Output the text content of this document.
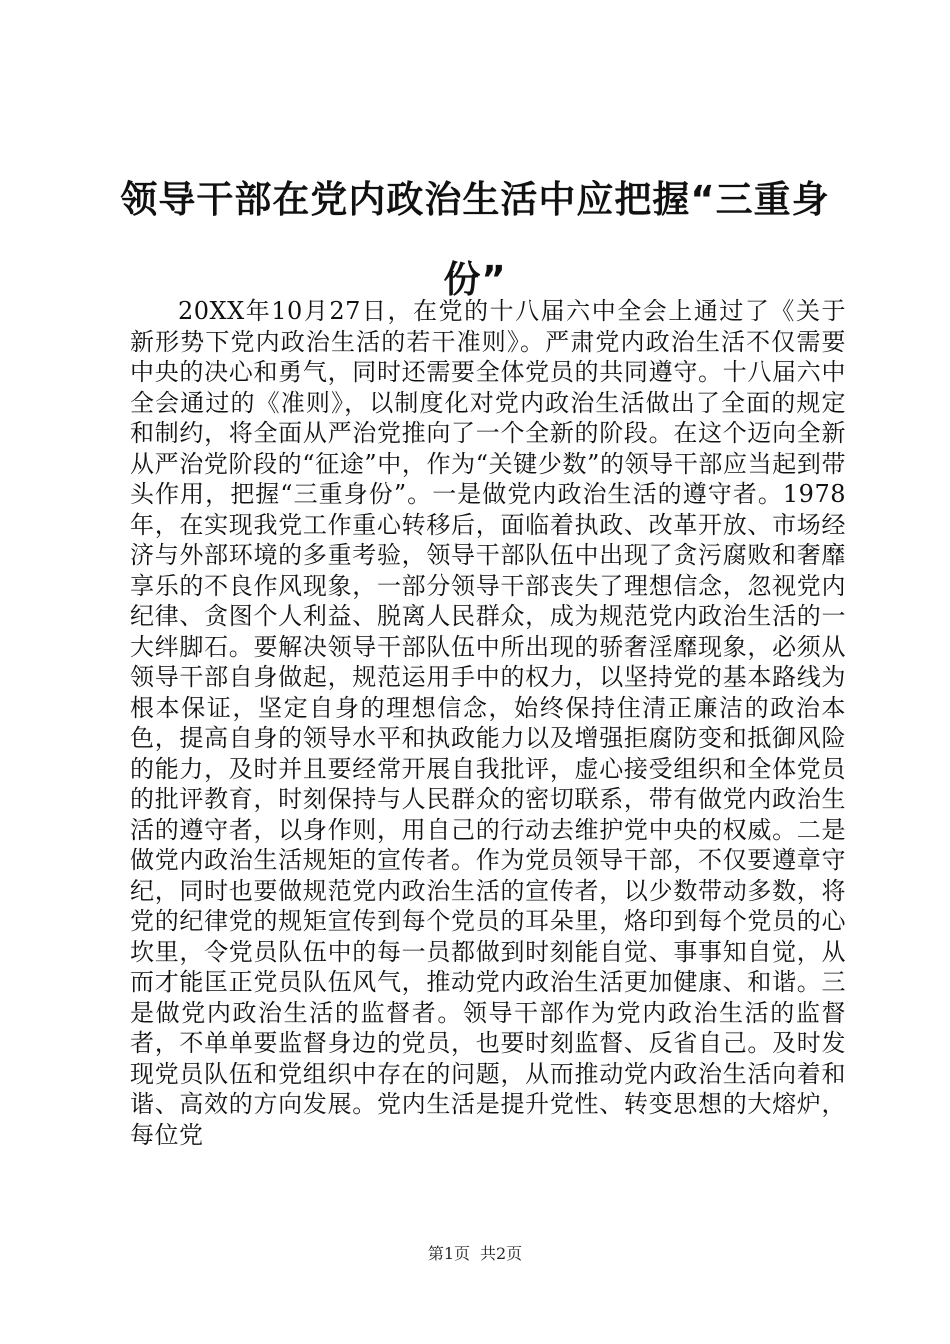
领导干部在党内政治生活中应把握“三重身份”

20XX年10月27日，在党的十八届六中全会上通过了《关于新形势下党内政治生活的若干准则》。严肃党内政治生活不仅需要中央的决心和勇气，同时还需要全体党员的共同遵守。十八届六中全会通过的《准则》，以制度化对党内政治生活做出了全面的规定和制约，将全面从严治党推向了一个全新的阶段。在这个迈向全新从严治党阶段的“征途”中，作为“关键少数”的领导干部应当起到带头作用，把握“三重身份”。一是做党内政治生活的遵守者。1978年，在实现我党工作重心转移后，面临着执政、改革开放、市场经济与外部环境的多重考验，领导干部队伍中出现了贪污腐败和奢靡享乐的不良作风现象，一部分领导干部丧失了理想信念，忽视党内纪律、贪图个人利益、脱离人民群众，成为规范党内政治生活的一大绊脚石。要解决领导干部队伍中所出现的骄奢淫靡现象，必须从领导干部自身做起，规范运用手中的权力，以坚持党的基本路线为根本保证，坚定自身的理想信念，始终保持住清正廉洁的政治本色，提高自身的领导水平和执政能力以及增强拒腐防变和抵御风险的能力，及时并且要经常开展自我批评，虚心接受组织和全体党员的批评教育，时刻保持与人民群众的密切联系，带有做党内政治生活的遵守者，以身作则，用自己的行动去维护党中央的权威。二是做党内政治生活规矩的宣传者。作为党员领导干部，不仅要遵章守纪，同时也要做规范党内政治生活的宣传者，以少数带动多数，将党的纪律党的规矩宣传到每个党员的耳朵里，烙印到每个党员的心坎里，令党员队伍中的每一员都做到时刻能自觉、事事知自觉，从而才能匡正党员队伍风气，推动党内政治生活更加健康、和谐。三是做党内政治生活的监督者。领导干部作为党内政治生活的监督者，不单单要监督身边的党员，也要时刻监督、反省自己。及时发现党员队伍和党组织中存在的问题，从而推动党内政治生活向着和谐、高效的方向发展。党内生活是提升党性、转变思想的大熔炉，每位党

第1页 共2页
